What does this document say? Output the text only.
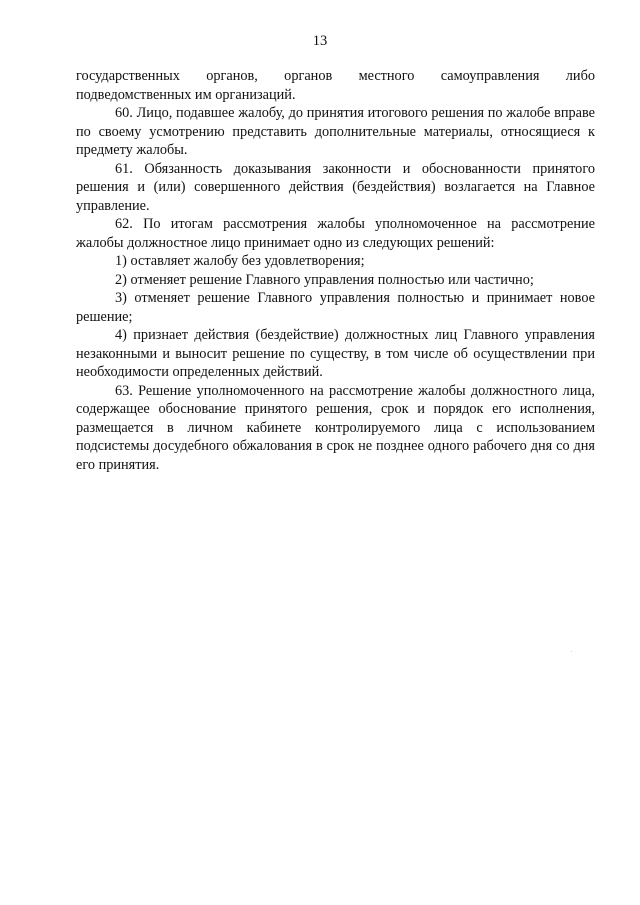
13

государственных органов, органов местного самоуправления либо подведомственных им организаций.

60. Лицо, подавшее жалобу, до принятия итогового решения по жалобе вправе по своему усмотрению представить дополнительные материалы, относящиеся к предмету жалобы.

61. Обязанность доказывания законности и обоснованности принятого решения и (или) совершенного действия (бездействия) возлагается на Главное управление.

62. По итогам рассмотрения жалобы уполномоченное на рассмотрение жалобы должностное лицо принимает одно из следующих решений:

1) оставляет жалобу без удовлетворения;

2) отменяет решение Главного управления полностью или частично;

3) отменяет решение Главного управления полностью и принимает новое решение;

4) признает действия (бездействие) должностных лиц Главного управления незаконными и выносит решение по существу, в том числе об осуществлении при необходимости определенных действий.

63. Решение уполномоченного на рассмотрение жалобы должностного лица, содержащее обоснование принятого решения, срок и порядок его исполнения, размещается в личном кабинете контролируемого лица с использованием подсистемы досудебного обжалования в срок не позднее одного рабочего дня со дня его принятия.
